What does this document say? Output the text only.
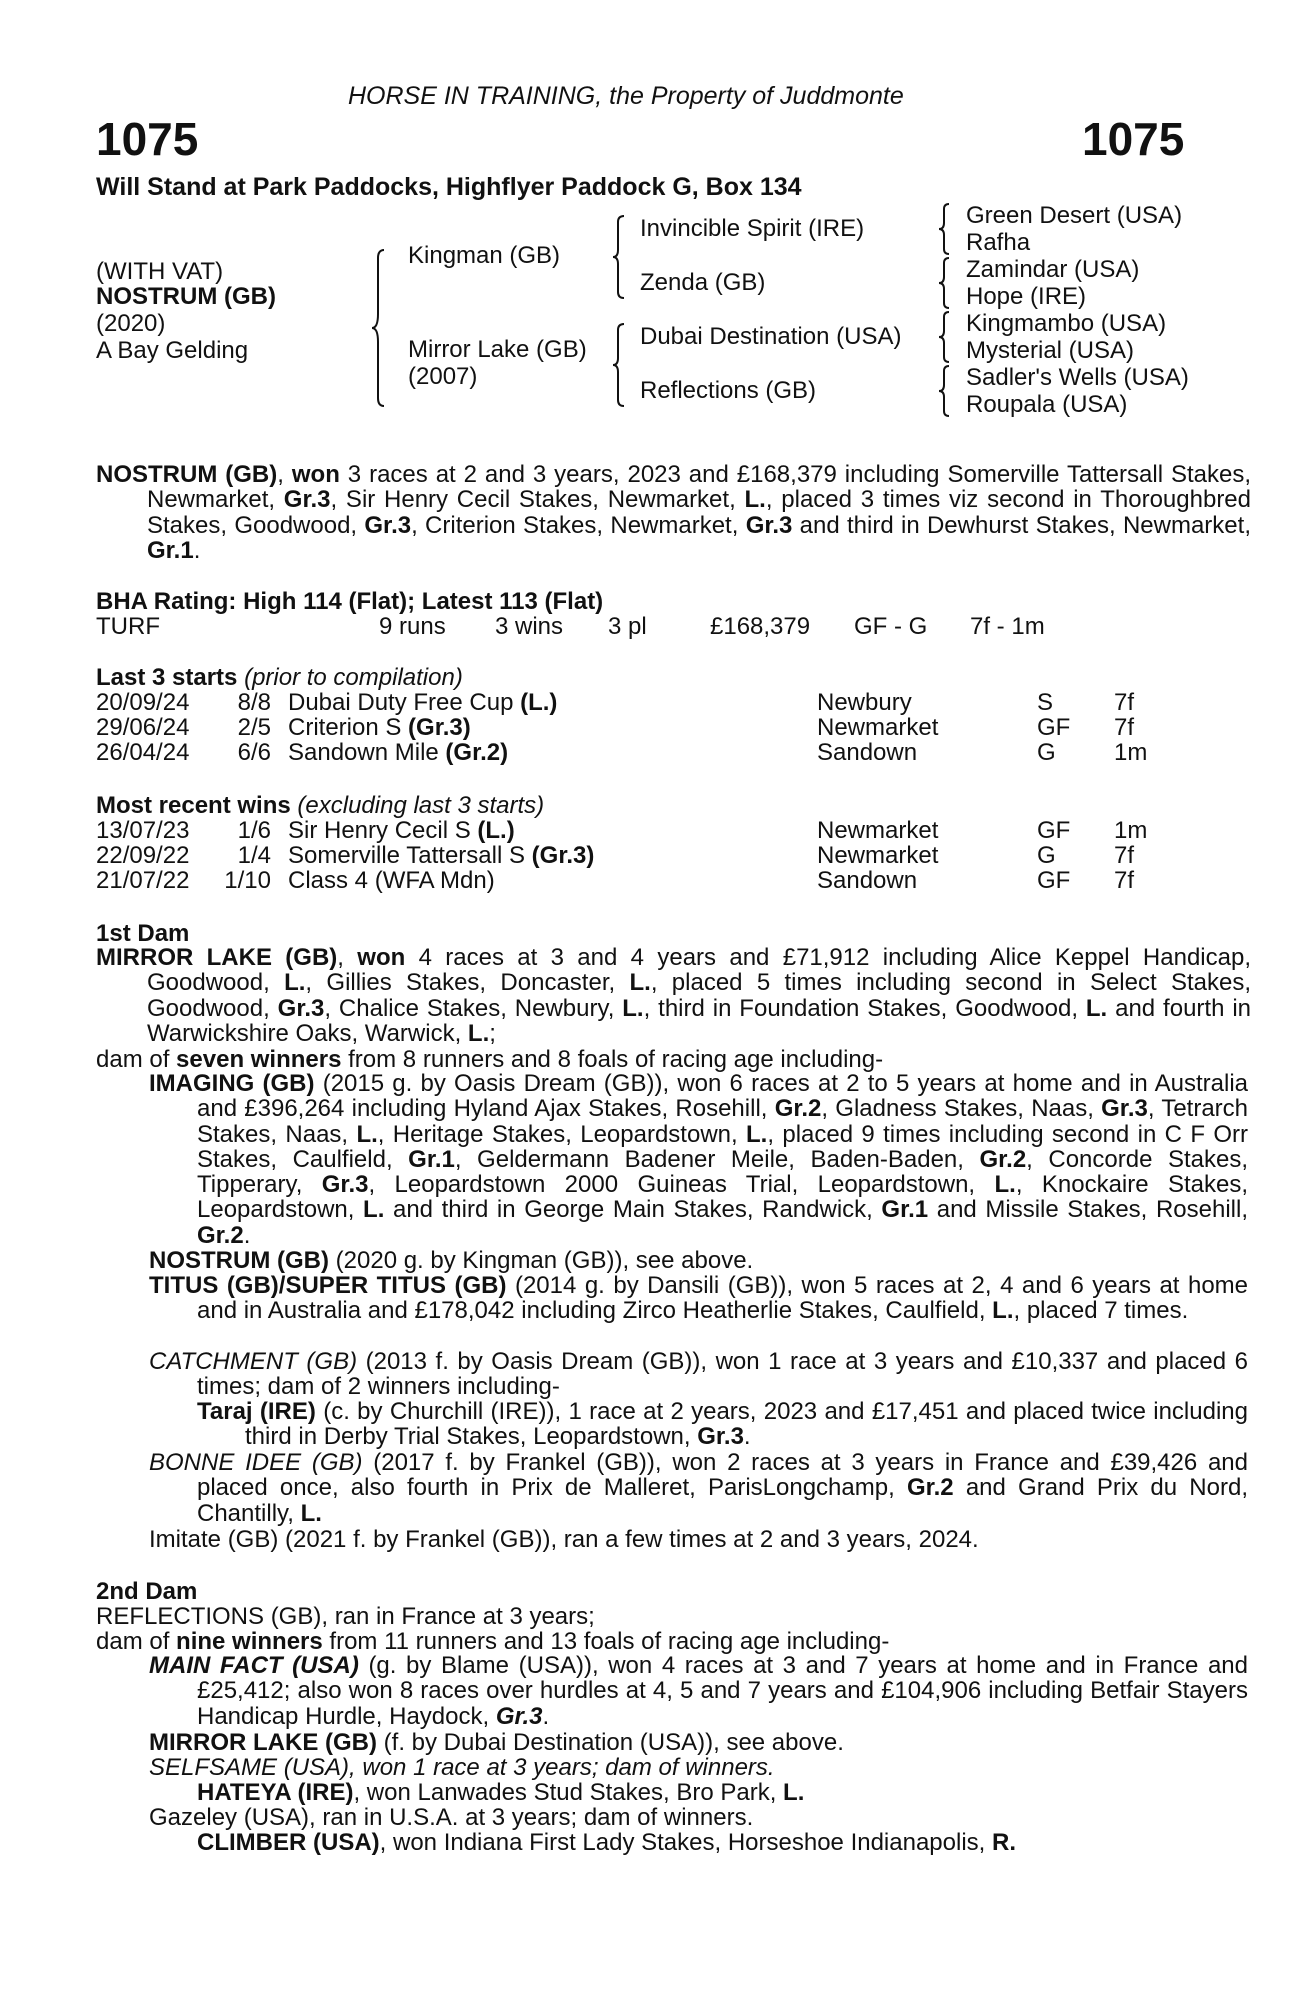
HORSE IN TRAINING, the Property of Juddmonte
1075	1075
Will Stand at Park Paddocks, Highflyer Paddock G, Box 134
(WITH VAT)
NOSTRUM (GB)
(2020)
A Bay Gelding
Kingman (GB)
Mirror Lake (GB)
(2007)
Invincible Spirit (IRE)
Zenda (GB)
Dubai Destination (USA)
Reflections (GB)
Green Desert (USA)
Rafha
Zamindar (USA)
Hope (IRE)
Kingmambo (USA)
Mysterial (USA)
Sadler's Wells (USA)
Roupala (USA)
NOSTRUM (GB), won 3 races at 2 and 3 years, 2023 and £168,379 including Somerville Tattersall Stakes, Newmarket, Gr.3, Sir Henry Cecil Stakes, Newmarket, L., placed 3 times viz second in Thoroughbred Stakes, Goodwood, Gr.3, Criterion Stakes, Newmarket, Gr.3 and third in Dewhurst Stakes, Newmarket, Gr.1.
BHA Rating: High 114 (Flat); Latest 113 (Flat)
TURF	9 runs 3 wins 3 pl	£168,379 GF - G 7f - 1m
Last 3 starts (prior to compilation)
20/09/24 8/8 Dubai Duty Free Cup (L.)	Newbury	S	7f
29/06/24 2/5 Criterion S (Gr.3)	Newmarket	GF 7f
26/04/24 6/6 Sandown Mile (Gr.2)	Sandown	G 1m
Most recent wins (excluding last 3 starts)
13/07/23 1/6 Sir Henry Cecil S (L.)	Newmarket	GF 1m
22/09/22 1/4 Somerville Tattersall S (Gr.3)	Newmarket	G 7f
21/07/22 1/10 Class 4 (WFA Mdn)	Sandown	GF 7f
1st Dam
MIRROR LAKE (GB), won 4 races at 3 and 4 years and £71,912 including Alice Keppel Handicap, Goodwood, L., Gillies Stakes, Doncaster, L., placed 5 times including second in Select Stakes, Goodwood, Gr.3, Chalice Stakes, Newbury, L., third in Foundation Stakes, Goodwood, L. and fourth in Warwickshire Oaks, Warwick, L.;
dam of seven winners from 8 runners and 8 foals of racing age including-
IMAGING (GB) (2015 g. by Oasis Dream (GB)), won 6 races at 2 to 5 years at home and in Australia and £396,264 including Hyland Ajax Stakes, Rosehill, Gr.2, Gladness Stakes, Naas, Gr.3, Tetrarch Stakes, Naas, L., Heritage Stakes, Leopardstown, L., placed 9 times including second in C F Orr Stakes, Caulfield, Gr.1, Geldermann Badener Meile, Baden-Baden, Gr.2, Concorde Stakes, Tipperary, Gr.3, Leopardstown 2000 Guineas Trial, Leopardstown, L., Knockaire Stakes, Leopardstown, L. and third in George Main Stakes, Randwick, Gr.1 and Missile Stakes, Rosehill, Gr.2.
NOSTRUM (GB) (2020 g. by Kingman (GB)), see above.
TITUS (GB)/SUPER TITUS (GB) (2014 g. by Dansili (GB)), won 5 races at 2, 4 and 6 years at home and in Australia and £178,042 including Zirco Heatherlie Stakes, Caulfield, L., placed 7 times.
CATCHMENT (GB) (2013 f. by Oasis Dream (GB)), won 1 race at 3 years and £10,337 and placed 6 times; dam of 2 winners including-
Taraj (IRE) (c. by Churchill (IRE)), 1 race at 2 years, 2023 and £17,451 and placed twice including third in Derby Trial Stakes, Leopardstown, Gr.3.
BONNE IDEE (GB) (2017 f. by Frankel (GB)), won 2 races at 3 years in France and £39,426 and placed once, also fourth in Prix de Malleret, ParisLongchamp, Gr.2 and Grand Prix du Nord, Chantilly, L.
Imitate (GB) (2021 f. by Frankel (GB)), ran a few times at 2 and 3 years, 2024.
2nd Dam
REFLECTIONS (GB), ran in France at 3 years;
dam of nine winners from 11 runners and 13 foals of racing age including-
MAIN FACT (USA) (g. by Blame (USA)), won 4 races at 3 and 7 years at home and in France and £25,412; also won 8 races over hurdles at 4, 5 and 7 years and £104,906 including Betfair Stayers Handicap Hurdle, Haydock, Gr.3.
MIRROR LAKE (GB) (f. by Dubai Destination (USA)), see above.
SELFSAME (USA), won 1 race at 3 years; dam of winners.
HATEYA (IRE), won Lanwades Stud Stakes, Bro Park, L.
Gazeley (USA), ran in U.S.A. at 3 years; dam of winners.
CLIMBER (USA), won Indiana First Lady Stakes, Horseshoe Indianapolis, R.
